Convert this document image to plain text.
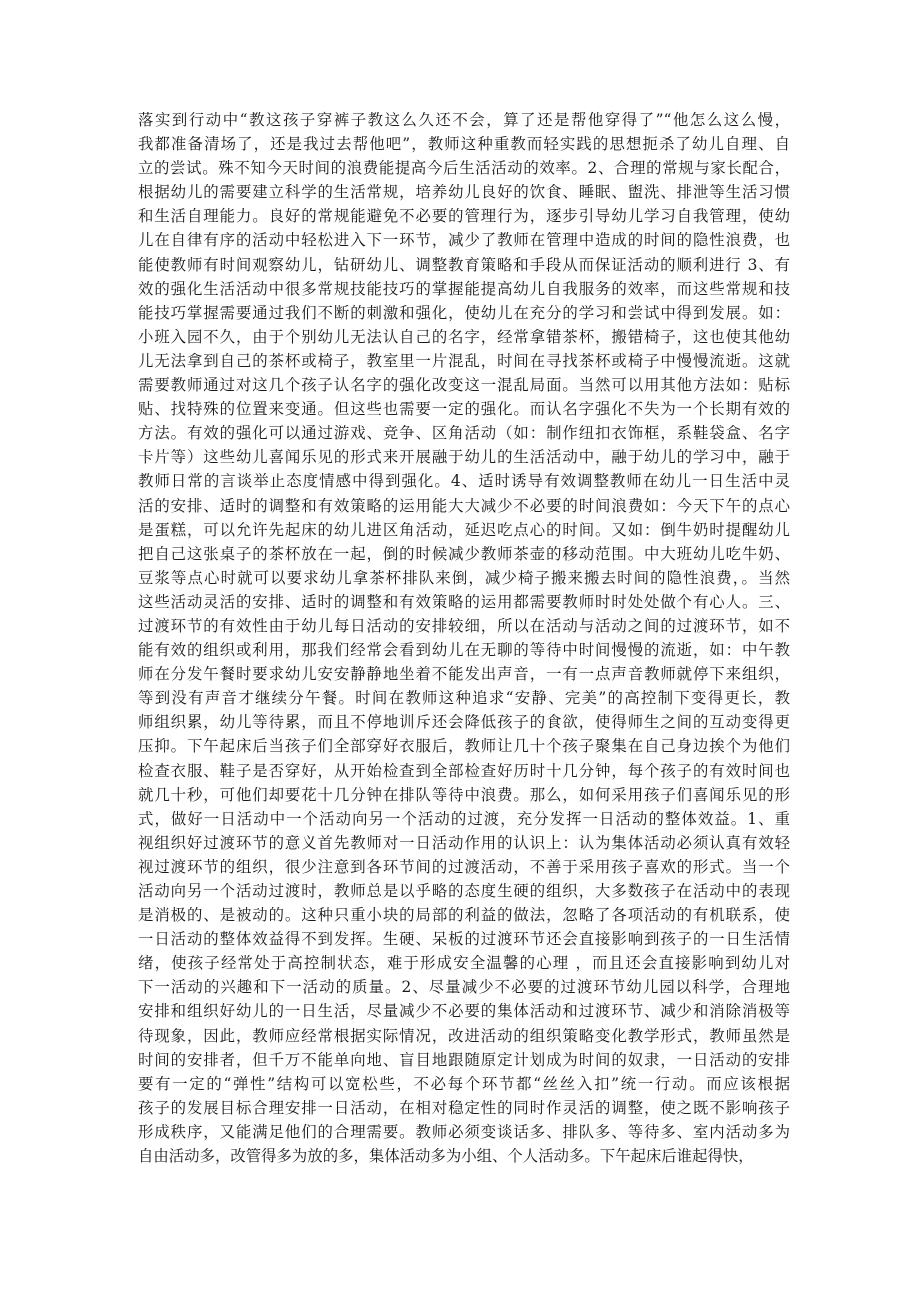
落实到行动中“教这孩子穿裤子教这么久还不会，算了还是帮他穿得了”“他怎么这么慢，
我都准备清场了，还是我过去帮他吧”，教师这种重教而轻实践的思想扼杀了幼儿自理、自
立的尝试。殊不知今天时间的浪费能提高今后生活活动的效率。2、合理的常规与家长配合，
根据幼儿的需要建立科学的生活常规，培养幼儿良好的饮食、睡眠、盥洗、排泄等生活习惯
和生活自理能力。良好的常规能避免不必要的管理行为，逐步引导幼儿学习自我管理，使幼
儿在自律有序的活动中轻松进入下一环节，减少了教师在管理中造成的时间的隐性浪费，也
能使教师有时间观察幼儿，钻研幼儿、调整教育策略和手段从而保证活动的顺利进行 3、有
效的强化生活活动中很多常规技能技巧的掌握能提高幼儿自我服务的效率，而这些常规和技
能技巧掌握需要通过我们不断的刺激和强化，使幼儿在充分的学习和尝试中得到发展。如：
小班入园不久，由于个别幼儿无法认自己的名字，经常拿错茶杯，搬错椅子，这也使其他幼
儿无法拿到自己的茶杯或椅子，教室里一片混乱，时间在寻找茶杯或椅子中慢慢流逝。这就
需要教师通过对这几个孩子认名字的强化改变这一混乱局面。当然可以用其他方法如：贴标
贴、找特殊的位置来变通。但这些也需要一定的强化。而认名字强化不失为一个长期有效的
方法。有效的强化可以通过游戏、竞争、区角活动（如：制作纽扣衣饰框，系鞋袋盒、名字
卡片等）这些幼儿喜闻乐见的形式来开展融于幼儿的生活活动中，融于幼儿的学习中，融于
教师日常的言谈举止态度情感中得到强化。4、适时诱导有效调整教师在幼儿一日生活中灵
活的安排、适时的调整和有效策略的运用能大大减少不必要的时间浪费如：今天下午的点心
是蛋糕，可以允许先起床的幼儿进区角活动，延迟吃点心的时间。又如：倒牛奶时提醒幼儿
把自己这张桌子的茶杯放在一起，倒的时候减少教师茶壶的移动范围。中大班幼儿吃牛奶、
豆浆等点心时就可以要求幼儿拿茶杯排队来倒，减少椅子搬来搬去时间的隐性浪费，。当然
这些活动灵活的安排、适时的调整和有效策略的运用都需要教师时时处处做个有心人。三、
过渡环节的有效性由于幼儿每日活动的安排较细，所以在活动与活动之间的过渡环节，如不
能有效的组织或利用，那我们经常会看到幼儿在无聊的等待中时间慢慢的流逝，如：中午教
师在分发午餐时要求幼儿安安静静地坐着不能发出声音，一有一点声音教师就停下来组织，
等到没有声音才继续分午餐。时间在教师这种追求“安静、完美”的高控制下变得更长，教
师组织累，幼儿等待累，而且不停地训斥还会降低孩子的食欲，使得师生之间的互动变得更
压抑。下午起床后当孩子们全部穿好衣服后，教师让几十个孩子聚集在自己身边挨个为他们
检查衣服、鞋子是否穿好，从开始检查到全部检查好历时十几分钟，每个孩子的有效时间也
就几十秒，可他们却要花十几分钟在排队等待中浪费。那么，如何采用孩子们喜闻乐见的形
式，做好一日活动中一个活动向另一个活动的过渡，充分发挥一日活动的整体效益。1、重
视组织好过渡环节的意义首先教师对一日活动作用的认识上：认为集体活动必须认真有效轻
视过渡环节的组织，很少注意到各环节间的过渡活动，不善于采用孩子喜欢的形式。当一个
活动向另一个活动过渡时，教师总是以乎略的态度生硬的组织，大多数孩子在活动中的表现
是消极的、是被动的。这种只重小块的局部的利益的做法，忽略了各项活动的有机联系，使
一日活动的整体效益得不到发挥。生硬、呆板的过渡环节还会直接影响到孩子的一日生活情
绪，使孩子经常处于高控制状态，难于形成安全温馨的心理 ，而且还会直接影响到幼儿对
下一活动的兴趣和下一活动的质量。2、尽量减少不必要的过渡环节幼儿园以科学，合理地
安排和组织好幼儿的一日生活，尽量减少不必要的集体活动和过渡环节、减少和消除消极等
待现象，因此，教师应经常根据实际情况，改进活动的组织策略变化教学形式，教师虽然是
时间的安排者，但千万不能单向地、盲目地跟随原定计划成为时间的奴隶，一日活动的安排
要有一定的“弹性”结构可以宽松些，不必每个环节都“丝丝入扣”统一行动。而应该根据
孩子的发展目标合理安排一日活动，在相对稳定性的同时作灵活的调整，使之既不影响孩子
形成秩序，又能满足他们的合理需要。教师必须变谈话多、排队多、等待多、室内活动多为
自由活动多，改管得多为放的多，集体活动多为小组、个人活动多。下午起床后谁起得快，
